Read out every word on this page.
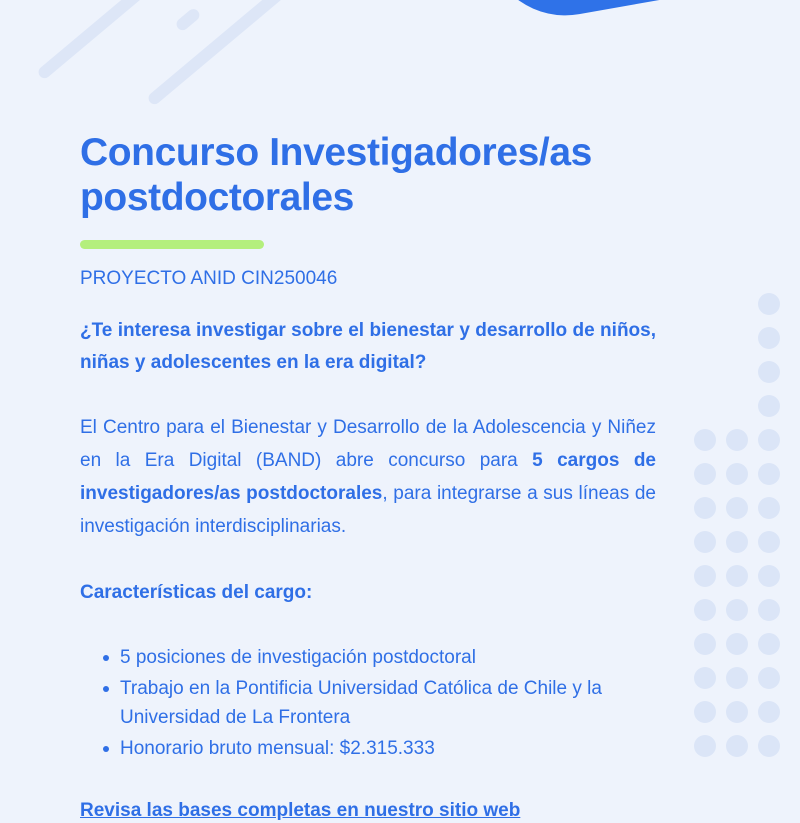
Concurso Investigadores/as postdoctorales
PROYECTO ANID CIN250046
¿Te interesa investigar sobre el bienestar y desarrollo de niños, niñas y adolescentes en la era digital?
El Centro para el Bienestar y Desarrollo de la Adolescencia y Niñez en la Era Digital (BAND) abre concurso para 5 cargos de investigadores/as postdoctorales, para integrarse a sus líneas de investigación interdisciplinarias.
Características del cargo:
5 posiciones de investigación postdoctoral
Trabajo en la Pontificia Universidad Católica de Chile y la Universidad de La Frontera
Honorario bruto mensual: $2.315.333
Revisa las bases completas en nuestro sitio web
